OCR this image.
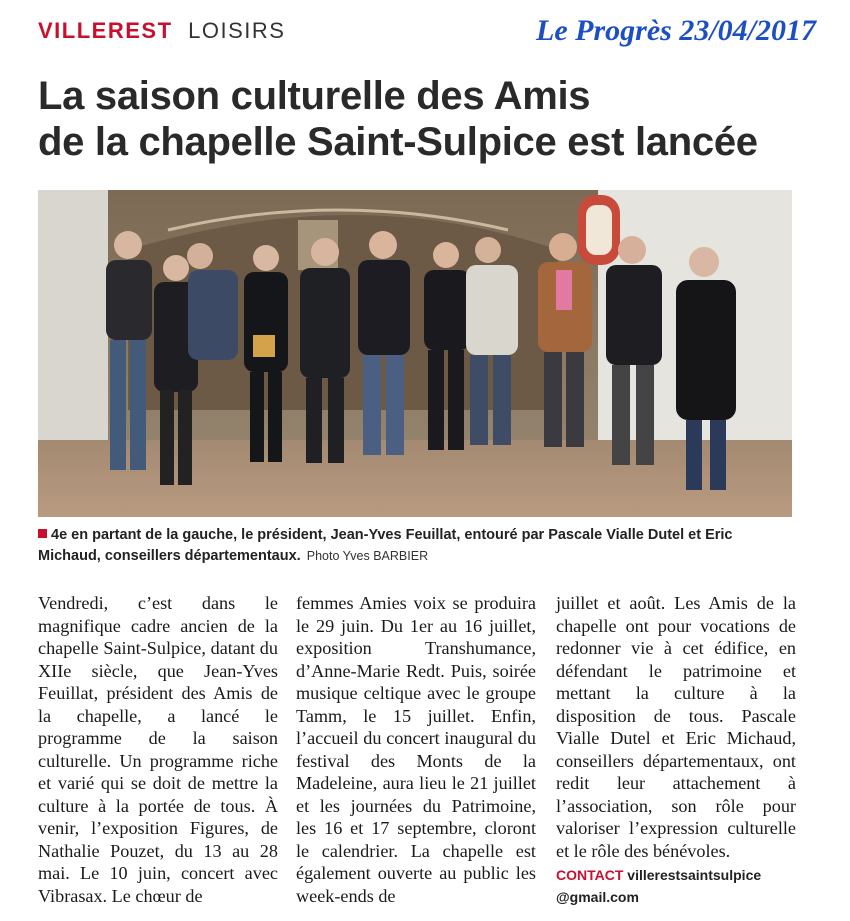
VILLEREST LOISIRS	Le Progrès 23/04/2017
La saison culturelle des Amis
de la chapelle Saint-Sulpice est lancée
4e en partant de la gauche, le président, Jean-Yves Feuillat, entouré par Pascale Vialle Dutel et Eric Michaud, conseillers départementaux. Photo Yves BARBIER

Vendredi, c’est dans le magnifique cadre ancien de la chapelle Saint-Sulpice, datant du XIIe siècle, que Jean-Yves Feuillat, président des Amis de la chapelle, a lancé le programme de la saison culturelle. Un programme riche et varié qui se doit de mettre la culture à la portée de tous. À venir, l’exposition Figures, de Nathalie Pouzet, du 13 au 28 mai. Le 10 juin, concert avec Vibrasax. Le chœur de

femmes Amies voix se produira le 29 juin. Du 1er au 16 juillet, exposition Transhumance, d’Anne-Marie Redt. Puis, soirée musique celtique avec le groupe Tamm, le 15 juillet. Enfin, l’accueil du concert inaugural du festival des Monts de la Madeleine, aura lieu le 21 juillet et les journées du Patrimoine, les 16 et 17 septembre, cloront le calendrier. La chapelle est également ouverte au public les week-ends de

juillet et août. Les Amis de la chapelle ont pour vocations de redonner vie à cet édifice, en défendant le patrimoine et mettant la culture à la disposition de tous. Pascale Vialle Dutel et Eric Michaud, conseillers départementaux, ont redit leur attachement à l’association, son rôle pour valoriser l’expression culturelle et le rôle des bénévoles.

CONTACT villerestsaintsulpice @gmail.com
